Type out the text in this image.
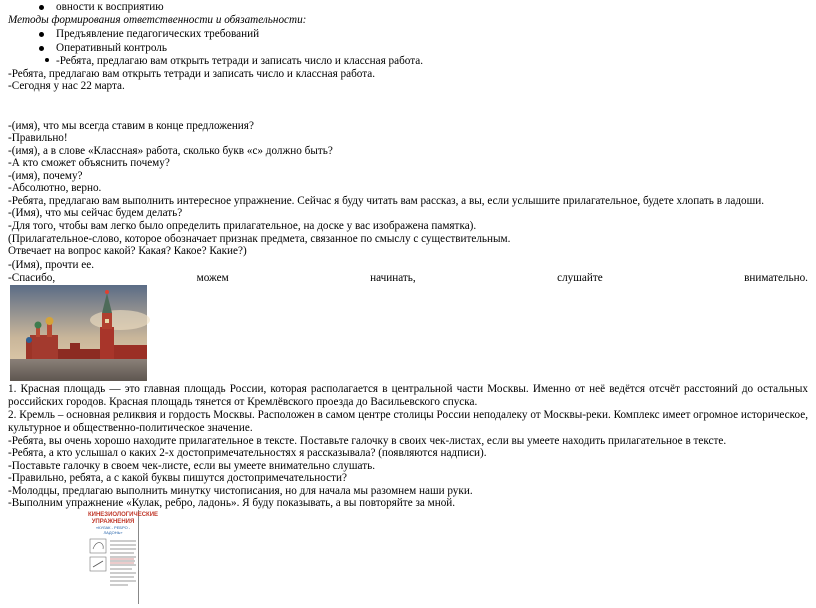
овности к восприятию
Методы формирования ответственности и обязательности:
Предъявление педагогических требований
Оперативный контроль
-Ребята, предлагаю вам открыть тетради и записать число и классная работа.
-Ребята, предлагаю вам открыть тетради и записать число и классная работа.
-Сегодня у нас 22 марта.
-(имя), что мы всегда ставим в конце предложения?
-Правильно!
-(имя), а в слове «Классная» работа, сколько букв «с» должно быть?
-А кто сможет объяснить почему?
-(имя), почему?
-Абсолютно, верно.
-Ребята, предлагаю вам выполнить интересное упражнение. Сейчас я буду читать вам рассказ, а вы, если услышите прилагательное, будете хлопать в ладоши.
-(Имя), что мы сейчас будем делать?
-Для того, чтобы вам легко было определить прилагательное, на доске у вас изображена памятка).
(Прилагательное-слово, которое обозначает признак предмета, связанное по смыслу с существительным.
Отвечает на вопрос какой? Какая? Какое? Какие?)
-(Имя), прочти ее.
-Спасибо,	можем	начинать,	слушайте	внимательно.
1. Красная площадь — это главная площадь России, которая располагается в центральной части Москвы. Именно от неё ведётся отсчёт расстояний до остальных российских городов. Красная площадь тянется от Кремлёвского проезда до Васильевского спуска.
2. Кремль – основная реликвия и гордость Москвы. Расположен в самом центре столицы России неподалеку от Москвы-реки. Комплекс имеет огромное историческое, культурное и общественно-политическое значение.
-Ребята, вы очень хорошо находите прилагательное в тексте. Поставьте галочку в своих чек-листах, если вы умеете находить прилагательное в тексте.
-Ребята, а кто услышал о каких 2-х достопримечательностях я рассказывала? (появляются надписи).
-Поставьте галочку в своем чек-листе, если вы умеете внимательно слушать.
-Правильно, ребята, а с какой буквы пишутся достопримечательности?
-Молодцы, предлагаю выполнить минутку чистописания, но для начала мы разомнем наши руки.
-Выполним упражнение «Кулак, ребро, ладонь». Я буду показывать, а вы повторяйте за мной.
КИНЕЗИОЛОГИЧЕСКИЕ УПРАЖНЕНИЯ
«КУЛАК - РЕБРО - ЛАДОНЬ»
